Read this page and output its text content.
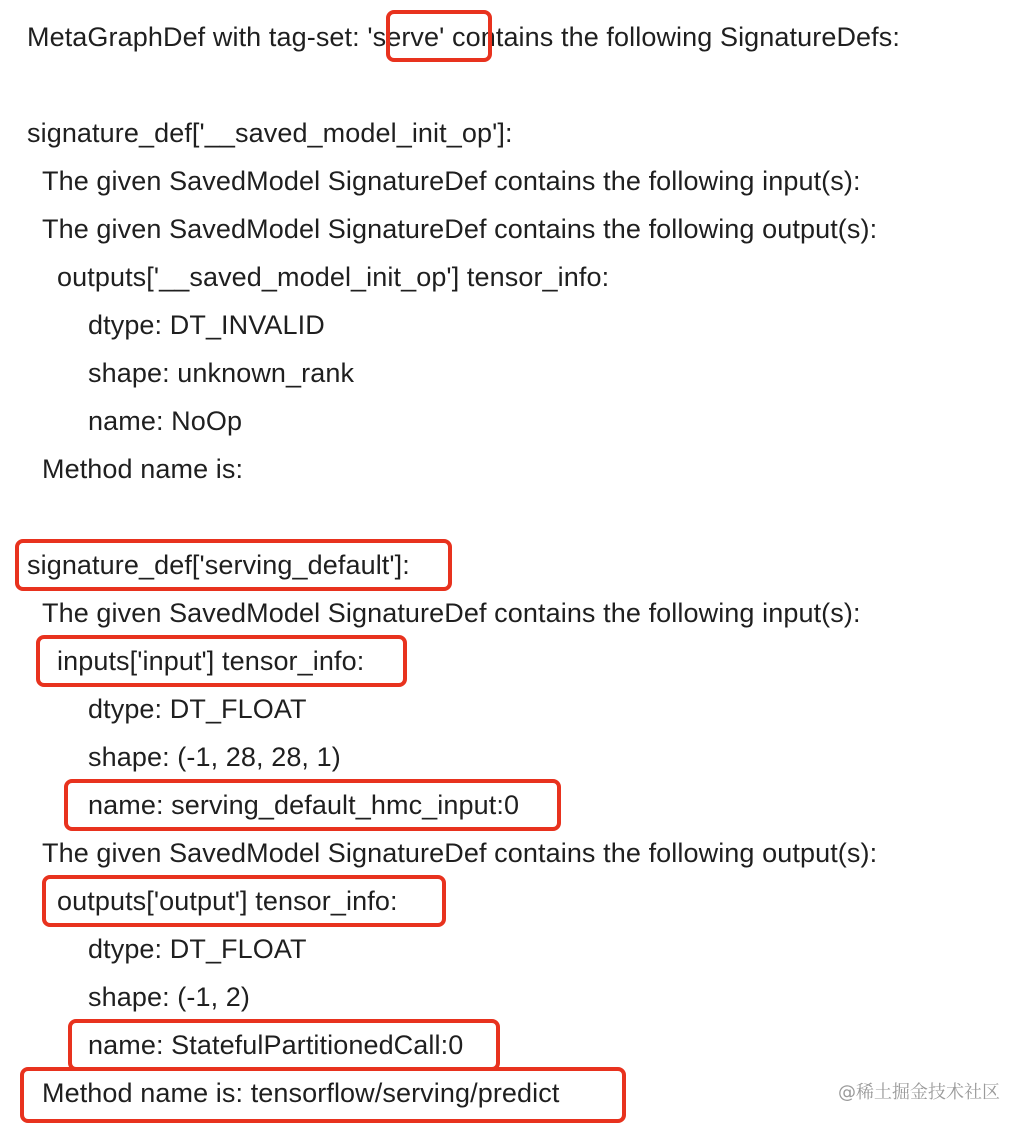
MetaGraphDef with tag-set: 'serve' contains the following SignatureDefs:
signature_def['__saved_model_init_op']:
The given SavedModel SignatureDef contains the following input(s):
The given SavedModel SignatureDef contains the following output(s):
outputs['__saved_model_init_op'] tensor_info:
dtype: DT_INVALID
shape: unknown_rank
name: NoOp
Method name is:
signature_def['serving_default']:
The given SavedModel SignatureDef contains the following input(s):
inputs['input'] tensor_info:
dtype: DT_FLOAT
shape: (-1, 28, 28, 1)
name: serving_default_hmc_input:0
The given SavedModel SignatureDef contains the following output(s):
outputs['output'] tensor_info:
dtype: DT_FLOAT
shape: (-1, 2)
name: StatefulPartitionedCall:0
Method name is: tensorflow/serving/predict	@稀土掘金技术社区
